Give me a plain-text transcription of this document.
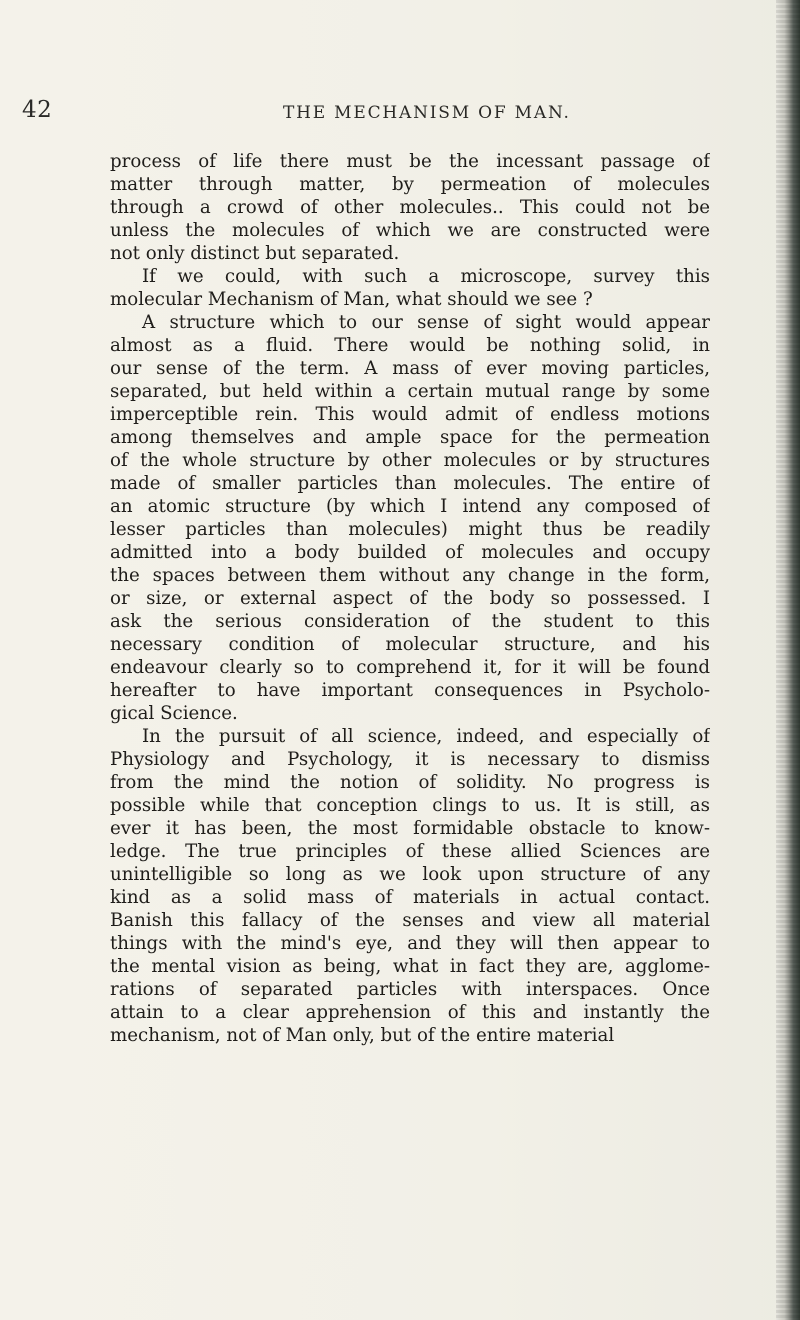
42	THE MECHANISM OF MAN.
process of life there must be the incessant passage of
matter through matter, by permeation of molecules
through a crowd of other molecules.. This could not be
unless the molecules of which we are constructed were
not only distinct but separated.
If we could, with such a microscope, survey this
molecular Mechanism of Man, what should we see ?
A structure which to our sense of sight would appear
almost as a fluid. There would be nothing solid, in
our sense of the term. A mass of ever moving particles,
separated, but held within a certain mutual range by some
imperceptible rein. This would admit of endless motions
among themselves and ample space for the permeation
of the whole structure by other molecules or by structures
made of smaller particles than molecules. The entire of
an atomic structure (by which I intend any composed of
lesser particles than molecules) might thus be readily
admitted into a body builded of molecules and occupy
the spaces between them without any change in the form,
or size, or external aspect of the body so possessed. I
ask the serious consideration of the student to this
necessary condition of molecular structure, and his
endeavour clearly so to comprehend it, for it will be found
hereafter to have important consequences in Psycholo-
gical Science.
In the pursuit of all science, indeed, and especially of
Physiology and Psychology, it is necessary to dismiss
from the mind the notion of solidity. No progress is
possible while that conception clings to us. It is still, as
ever it has been, the most formidable obstacle to know-
ledge. The true principles of these allied Sciences are
unintelligible so long as we look upon structure of any
kind as a solid mass of materials in actual contact.
Banish this fallacy of the senses and view all material
things with the mind's eye, and they will then appear to
the mental vision as being, what in fact they are, agglome-
rations of separated particles with interspaces. Once
attain to a clear apprehension of this and instantly the
mechanism, not of Man only, but of the entire material
